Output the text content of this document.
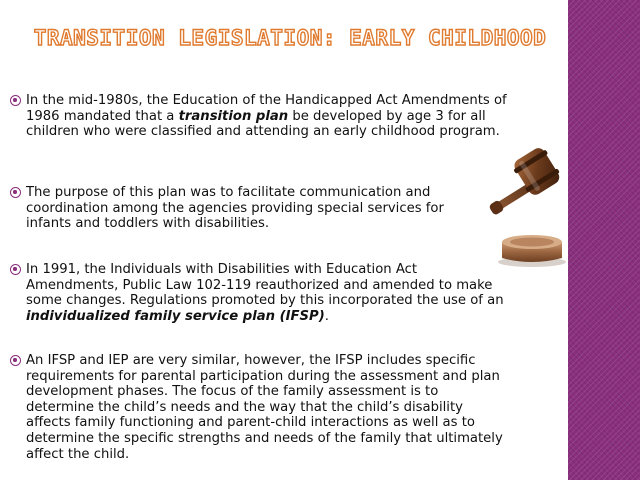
TRANSITION LEGISLATION: EARLY CHILDHOOD
In the mid-1980s, the Education of the Handicapped Act Amendments of 1986 mandated that a transition plan be developed by age 3 for all children who were classified and attending an early childhood program.
The purpose of this plan was to facilitate communication and coordination among the agencies providing special services for infants and toddlers with disabilities.
In 1991, the Individuals with Disabilities with Education Act Amendments, Public Law 102-119 reauthorized and amended to make some changes. Regulations promoted by this incorporated the use of an individualized family service plan (IFSP).
An IFSP and IEP are very similar, however, the IFSP includes specific requirements for parental participation during the assessment and plan development phases. The focus of the family assessment is to determine the child’s needs and the way that the child’s disability affects family functioning and parent-child interactions as well as to determine the specific strengths and needs of the family that ultimately affect the child.
